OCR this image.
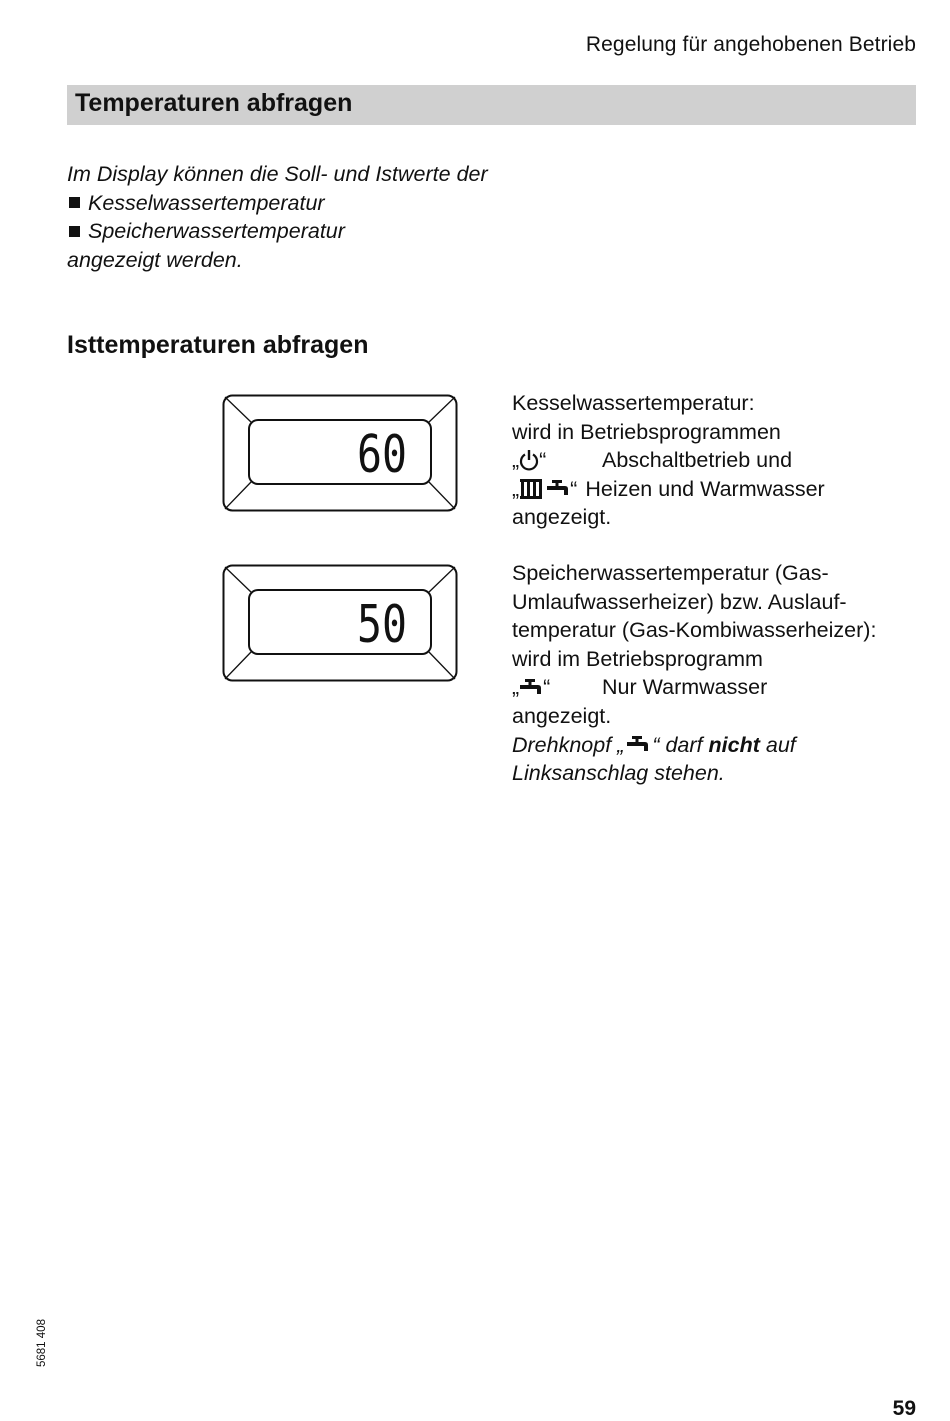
Regelung für angehobenen Betrieb
Temperaturen abfragen
Im Display können die Soll- und Istwerte der
Kesselwassertemperatur
Speicherwassertemperatur
angezeigt werden.
Isttemperaturen abfragen
60
50
Kesselwassertemperatur:
wird in Betriebsprogrammen
„ “	Abschaltbetrieb und
„ “ Heizen und Warmwasser
angezeigt.
Speicherwassertemperatur (Gas-
Umlaufwasserheizer) bzw. Auslauf-
temperatur (Gas-Kombiwasserheizer):
wird im Betriebsprogramm
„ “ Nur Warmwasser
angezeigt.
Drehknopf „ “ darf
nicht
auf
Linksanschlag stehen.
5681 408
59
